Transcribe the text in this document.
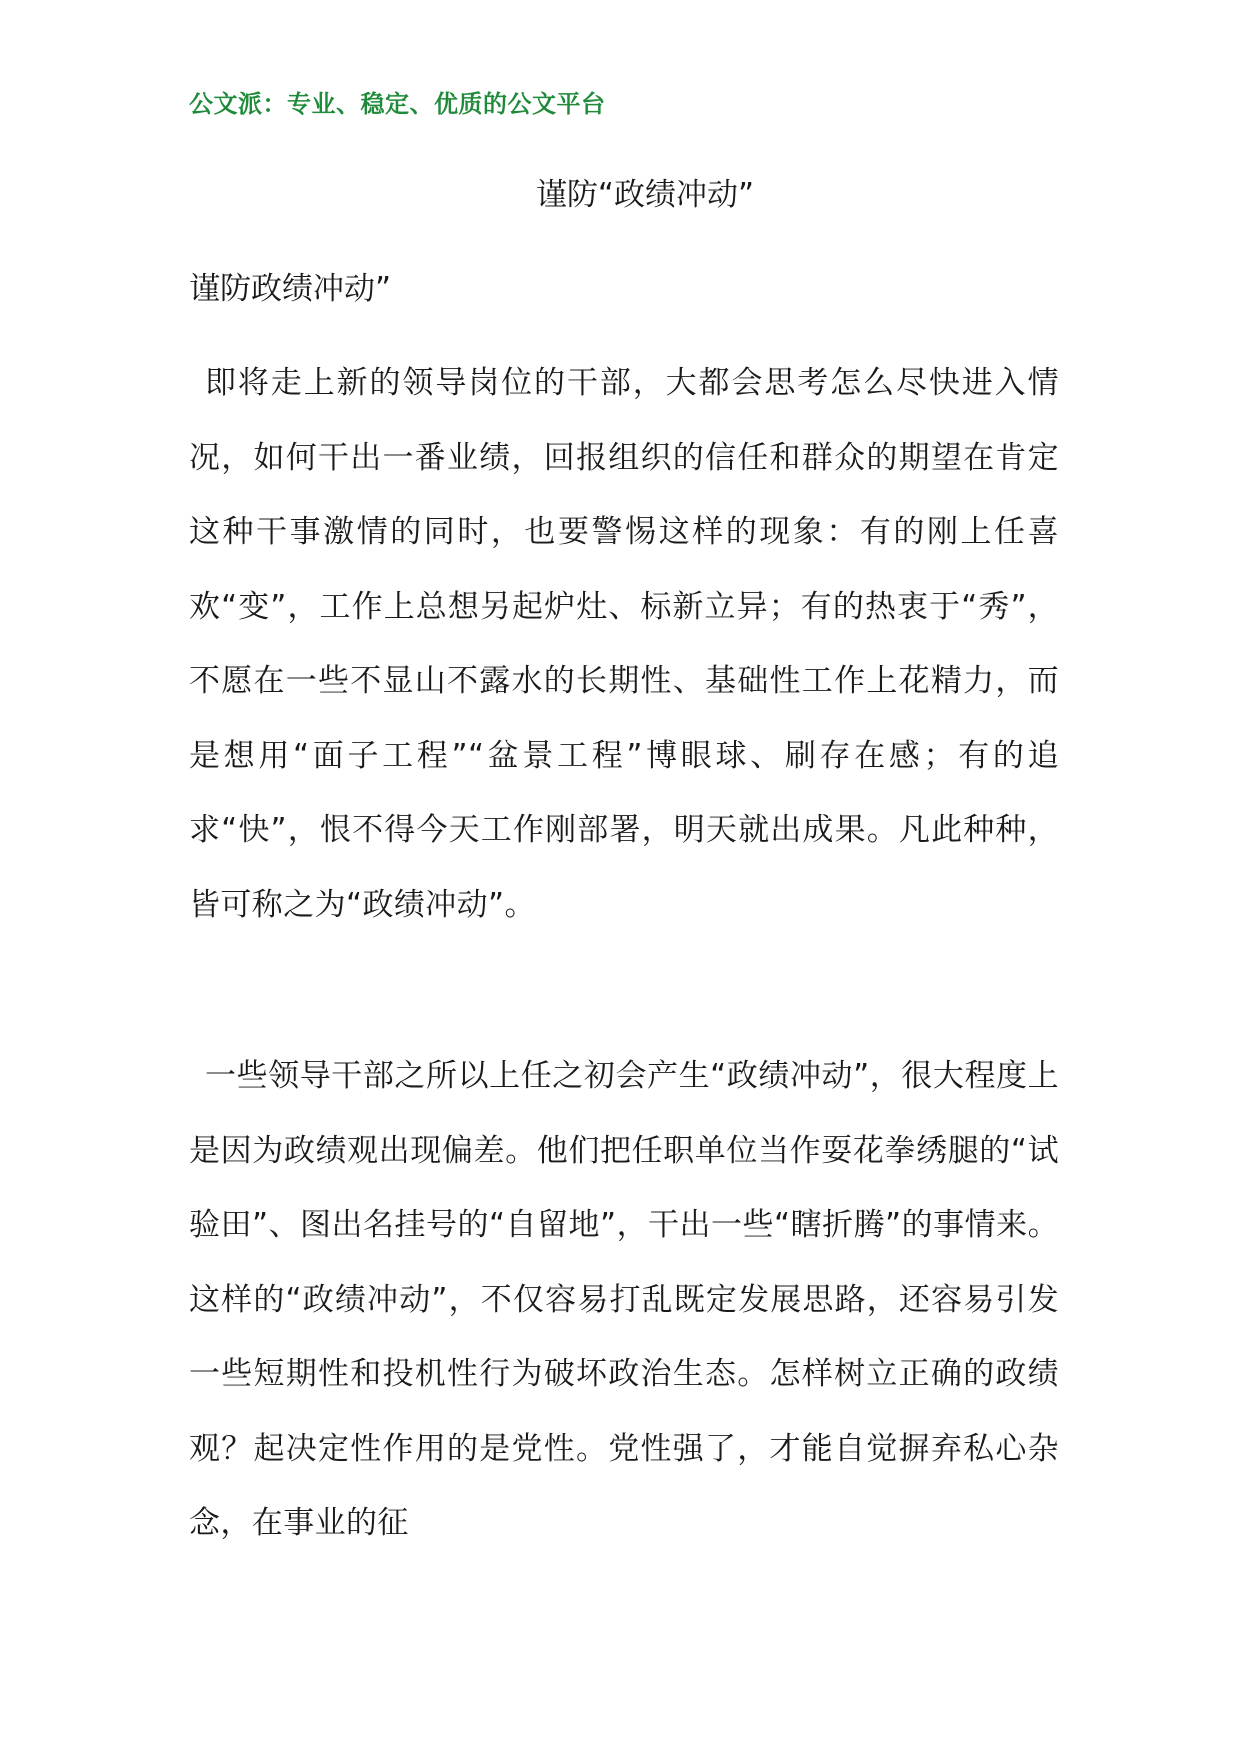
公文派：专业、稳定、优质的公文平台
谨防“政绩冲动”
谨防政绩冲动”

即将走上新的领导岗位的干部，大都会思考怎么尽快进入情况，如何干出一番业绩，回报组织的信任和群众的期望在肯定这种干事激情的同时，也要警惕这样的现象：有的刚上任喜欢“变”，工作上总想另起炉灶、标新立异；有的热衷于“秀”，不愿在一些不显山不露水的长期性、基础性工作上花精力，而是想用“面子工程”“盆景工程”博眼球、刷存在感；有的追求“快”，恨不得今天工作刚部署，明天就出成果。凡此种种，皆可称之为“政绩冲动”。

一些领导干部之所以上任之初会产生“政绩冲动”，很大程度上是因为政绩观出现偏差。他们把任职单位当作耍花拳绣腿的“试验田”、图出名挂号的“自留地”，干出一些“瞎折腾”的事情来。这样的“政绩冲动”，不仅容易打乱既定发展思路，还容易引发一些短期性和投机性行为破坏政治生态。怎样树立正确的政绩观？起决定性作用的是党性。党性强了，才能自觉摒弃私心杂念，在事业的征
